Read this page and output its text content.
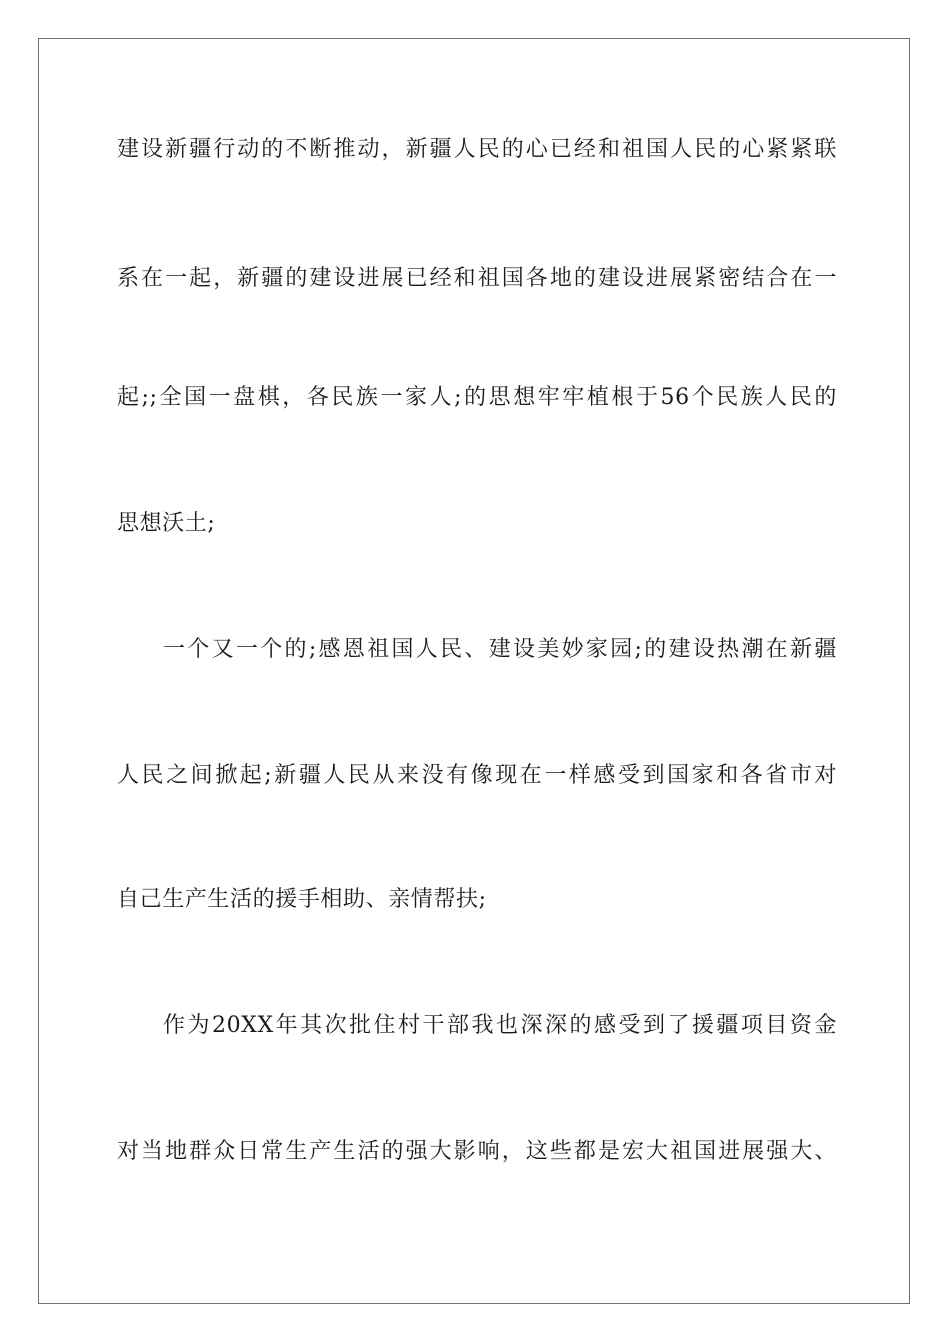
建设新疆行动的不断推动，新疆人民的心已经和祖国人民的心紧紧联
系在一起，新疆的建设进展已经和祖国各地的建设进展紧密结合在一
起;;全国一盘棋，各民族一家人;的思想牢牢植根于56个民族人民的
思想沃土;
一个又一个的;感恩祖国人民、建设美妙家园;的建设热潮在新疆
人民之间掀起;新疆人民从来没有像现在一样感受到国家和各省市对
自己生产生活的援手相助、亲情帮扶;
作为20XX年其次批住村干部我也深深的感受到了援疆项目资金
对当地群众日常生产生活的强大影响，这些都是宏大祖国进展强大、
